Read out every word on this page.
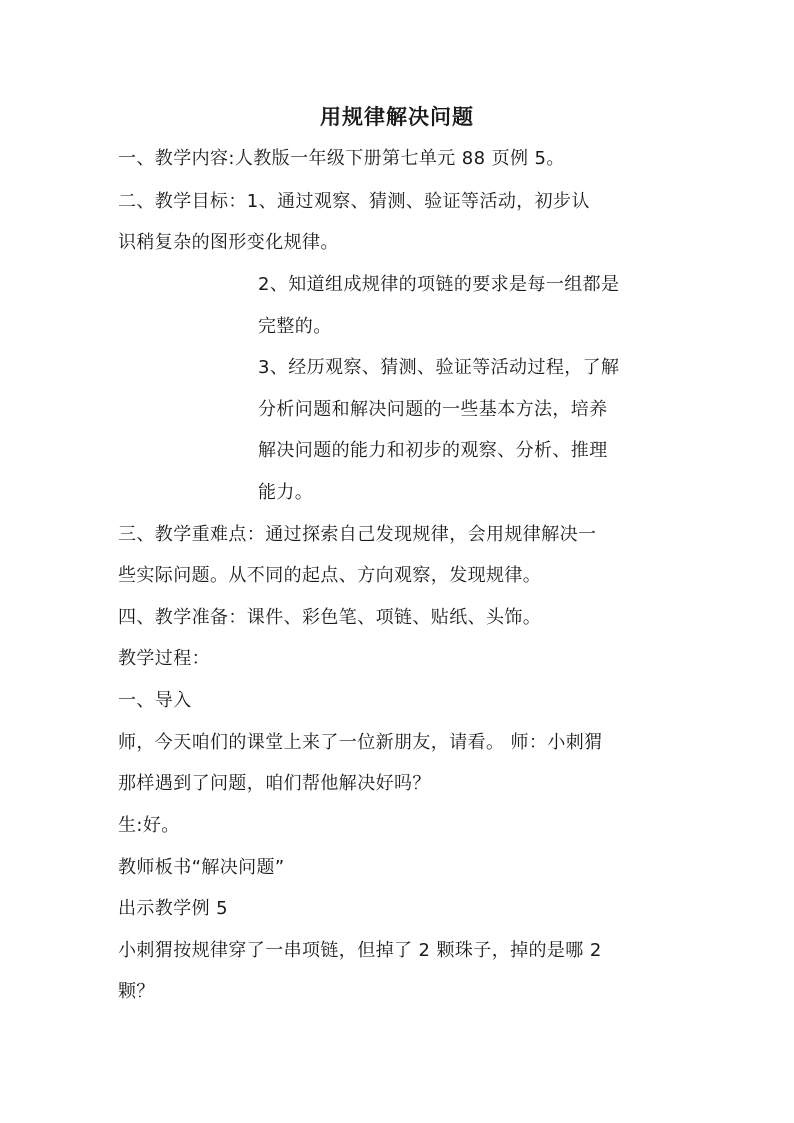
用规律解决问题
一、教学内容:人教版一年级下册第七单元 88 页例 5。
二、教学目标：1、通过观察、猜测、验证等活动，初步认
识稍复杂的图形变化规律。
2、知道组成规律的项链的要求是每一组都是
完整的。
3、经历观察、猜测、验证等活动过程，了解
分析问题和解决问题的一些基本方法，培养
解决问题的能力和初步的观察、分析、推理
能力。
三、教学重难点：通过探索自己发现规律，会用规律解决一
些实际问题。从不同的起点、方向观察，发现规律。
四、教学准备：课件、彩色笔、项链、贴纸、头饰。
教学过程：
一、导入
师，今天咱们的课堂上来了一位新朋友，请看。 师：小刺猬
那样遇到了问题，咱们帮他解决好吗？
生:好。
教师板书“解决问题”
出示教学例 5
小刺猬按规律穿了一串项链，但掉了 2 颗珠子，掉的是哪 2
颗？
